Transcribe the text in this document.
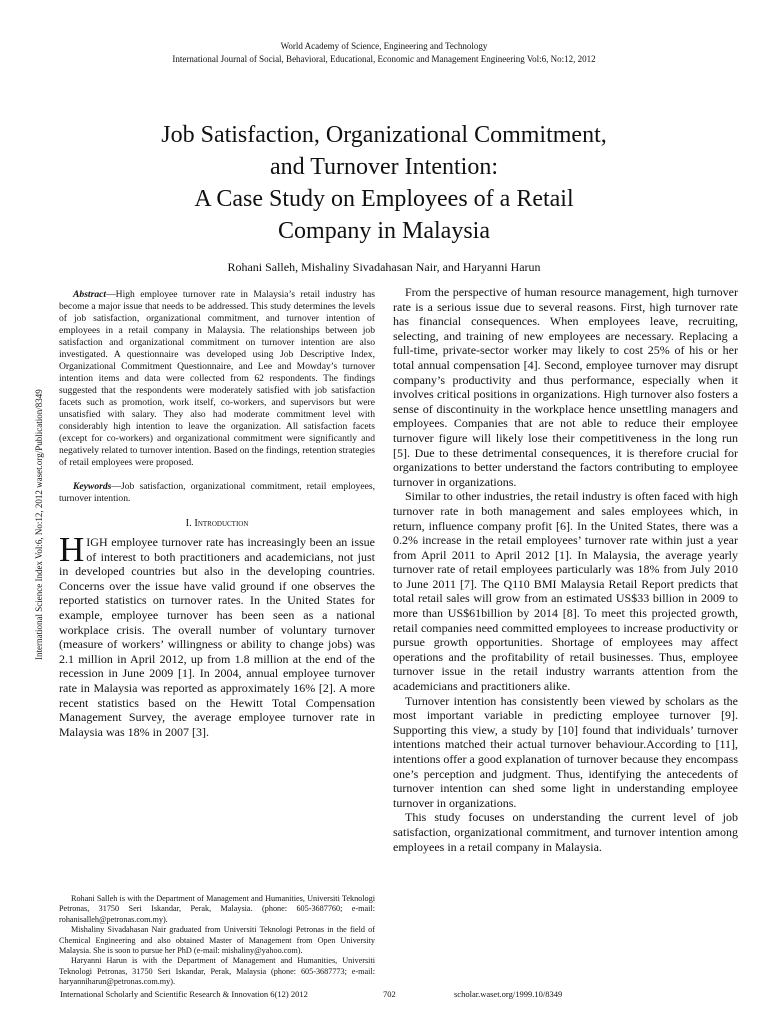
World Academy of Science, Engineering and Technology
International Journal of Social, Behavioral, Educational, Economic and Management Engineering Vol:6, No:12, 2012
Job Satisfaction, Organizational Commitment,
and Turnover Intention:
A Case Study on Employees of a Retail
Company in Malaysia
Rohani Salleh, Mishaliny Sivadahasan Nair, and Haryanni Harun
International Science Index Vol:6, No:12, 2012 waset.org/Publication/8349

Abstract—High employee turnover rate in Malaysia’s retail industry has become a major issue that needs to be addressed. This study determines the levels of job satisfaction, organizational commitment, and turnover intention of employees in a retail company in Malaysia. The relationships between job satisfaction and organizational commitment on turnover intention are also investigated. A questionnaire was developed using Job Descriptive Index, Organizational Commitment Questionnaire, and Lee and Mowday’s turnover intention items and data were collected from 62 respondents. The findings suggested that the respondents were moderately satisfied with job satisfaction facets such as promotion, work itself, co-workers, and supervisors but were unsatisfied with salary. They also had moderate commitment level with considerably high intention to leave the organization. All satisfaction facets (except for co-workers) and organizational commitment were significantly and negatively related to turnover intention. Based on the findings, retention strategies of retail employees were proposed.

Keywords—Job satisfaction, organizational commitment, retail employees, turnover intention.

I. Introduction

HIGH employee turnover rate has increasingly been an issue of interest to both practitioners and academicians, not just in developed countries but also in the developing countries. Concerns over the issue have valid ground if one observes the reported statistics on turnover rates. In the United States for example, employee turnover has been seen as a national workplace crisis. The overall number of voluntary turnover (measure of workers’ willingness or ability to change jobs) was 2.1 million in April 2012, up from 1.8 million at the end of the recession in June 2009 [1]. In 2004, annual employee turnover rate in Malaysia was reported as approximately 16% [2]. A more recent statistics based on the Hewitt Total Compensation Management Survey, the average employee turnover rate in Malaysia was 18% in 2007 [3].

Rohani Salleh is with the Department of Management and Humanities, Universiti Teknologi Petronas, 31750 Seri Iskandar, Perak, Malaysia. (phone: 605-3687760; e-mail: rohanisalleh@petronas.com.my).

Mishaliny Sivadahasan Nair graduated from Universiti Teknologi Petronas in the field of Chemical Engineering and also obtained Master of Management from Open University Malaysia. She is soon to pursue her PhD (e-mail: mishaliny@yahoo.com).

Haryanni Harun is with the Department of Management and Humanities, Universiti Teknologi Petronas, 31750 Seri Iskandar, Perak, Malaysia (phone: 605-3687773; e-mail: haryanniharun@petronas.com.my).

From the perspective of human resource management, high turnover rate is a serious issue due to several reasons. First, high turnover rate has financial consequences. When employees leave, recruiting, selecting, and training of new employees are necessary. Replacing a full-time, private-sector worker may likely to cost 25% of his or her total annual compensation [4]. Second, employee turnover may disrupt company’s productivity and thus performance, especially when it involves critical positions in organizations. High turnover also fosters a sense of discontinuity in the workplace hence unsettling managers and employees. Companies that are not able to reduce their employee turnover figure will likely lose their competitiveness in the long run [5]. Due to these detrimental consequences, it is therefore crucial for organizations to better understand the factors contributing to employee turnover in organizations.

Similar to other industries, the retail industry is often faced with high turnover rate in both management and sales employees which, in return, influence company profit [6]. In the United States, there was a 0.2% increase in the retail employees’ turnover rate within just a year from April 2011 to April 2012 [1]. In Malaysia, the average yearly turnover rate of retail employees particularly was 18% from July 2010 to June 2011 [7]. The Q110 BMI Malaysia Retail Report predicts that total retail sales will grow from an estimated US$33 billion in 2009 to more than US$61billion by 2014 [8]. To meet this projected growth, retail companies need committed employees to increase productivity or pursue growth opportunities. Shortage of employees may affect operations and the profitability of retail businesses. Thus, employee turnover issue in the retail industry warrants attention from the academicians and practitioners alike.

Turnover intention has consistently been viewed by scholars as the most important variable in predicting employee turnover [9]. Supporting this view, a study by [10] found that individuals’ turnover intentions matched their actual turnover behaviour.According to [11], intentions offer a good explanation of turnover because they encompass one’s perception and judgment. Thus, identifying the antecedents of turnover intention can shed some light in understanding employee turnover in organizations.

This study focuses on understanding the current level of job satisfaction, organizational commitment, and turnover intention among employees in a retail company in Malaysia.

International Scholarly and Scientific Research & Innovation 6(12) 2012	702	scholar.waset.org/1999.10/8349
